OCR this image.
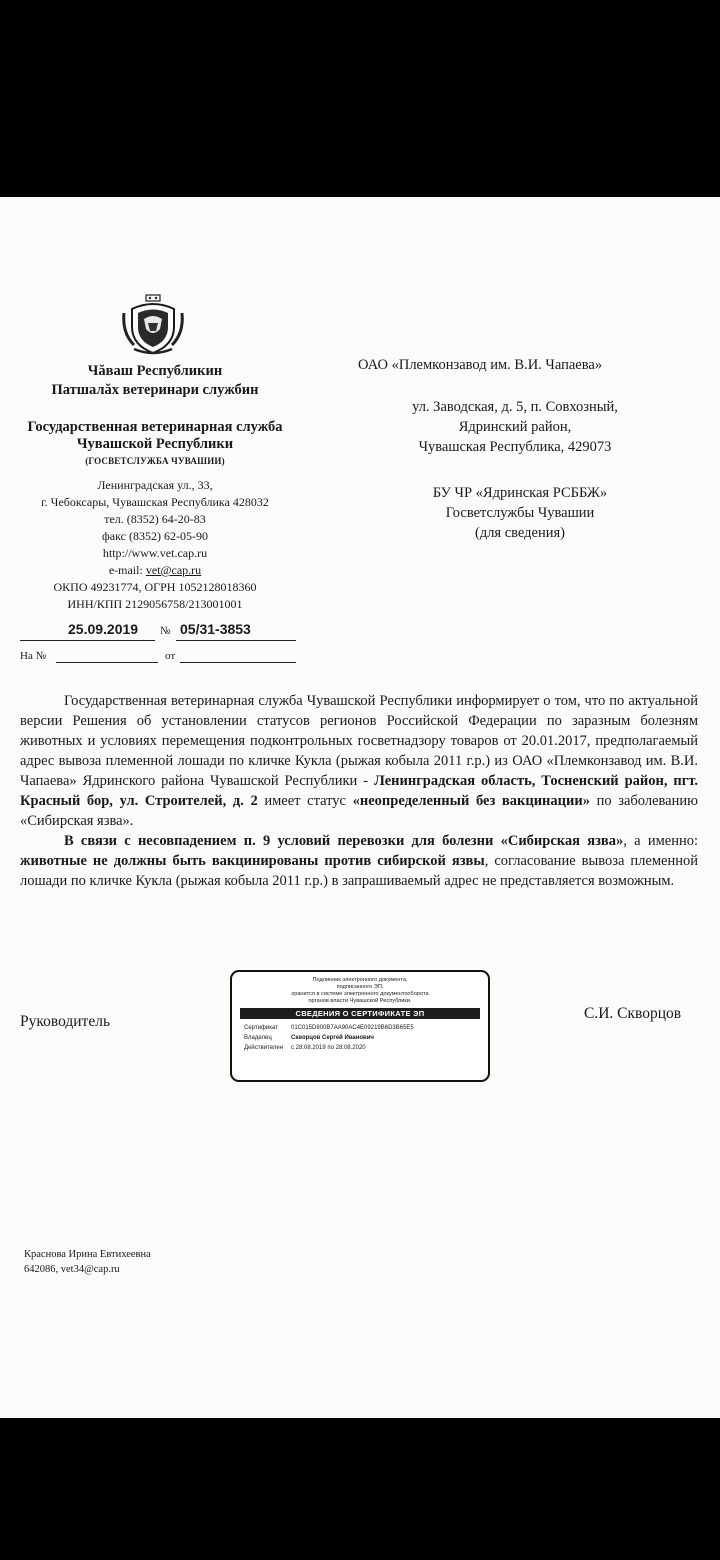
Чăваш Республикин
Патшалăх ветеринари службин
Государственная ветеринарная служба
Чувашской Республики
(ГОСВЕТСЛУЖБА ЧУВАШИИ)
Ленинградская ул., 33,
г. Чебоксары, Чувашская Республика 428032
тел. (8352) 64-20-83
факс (8352) 62-05-90
http://www.vet.cap.ru
e-mail: vet@cap.ru
ОКПО 49231774, ОГРН 1052128018360
ИНН/КПП 2129056758/213001001
25.09.2019 № 05/31-3853
На №	от
ОАО «Племконзавод им. В.И. Чапаева»
ул. Заводская, д. 5, п. Совхозный,
Ядринский район,
Чувашская Республика, 429073
БУ ЧР «Ядринская РСББЖ»
Госветслужбы Чувашии
(для сведения)

Государственная ветеринарная служба Чувашской Республики информирует о том, что по актуальной версии Решения об установлении статусов регионов Российской Федерации по заразным болезням животных и условиях перемещения подконтрольных госветнадзору товаров от 20.01.2017, предполагаемый адрес вывоза племенной лошади по кличке Кукла (рыжая кобыла 2011 г.р.) из ОАО «Племконзавод им. В.И. Чапаева» Ядринского района Чувашской Республики - Ленинградская область, Тосненский район, пгт. Красный бор, ул. Строителей, д. 2 имеет статус «неопределенный без вакцинации» по заболеванию «Сибирская язва».

В связи с несовпадением п. 9 условий перевозки для болезни «Сибирская язва», а именно: животные не должны быть вакцинированы против сибирской язвы, согласование вывоза племенной лошади по кличке Кукла (рыжая кобыла 2011 г.р.) в запрашиваемый адрес не представляется возможным.

Руководитель	С.И. Скворцов
Подлинник электронного документа,
подписанного ЭП,
хранится в системе электронного документооборота
органов власти Чувашской Республики.
СВЕДЕНИЯ О СЕРТИФИКАТЕ ЭП
Сертификат	01C015D800B7AA90AC4E09219B6D3B65E5
Владелец	Скворцов Сергей Иванович
Действителен	с 28.08.2019 по 28.08.2020
Краснова Ирина Евтихеевна
642086, vet34@cap.ru
